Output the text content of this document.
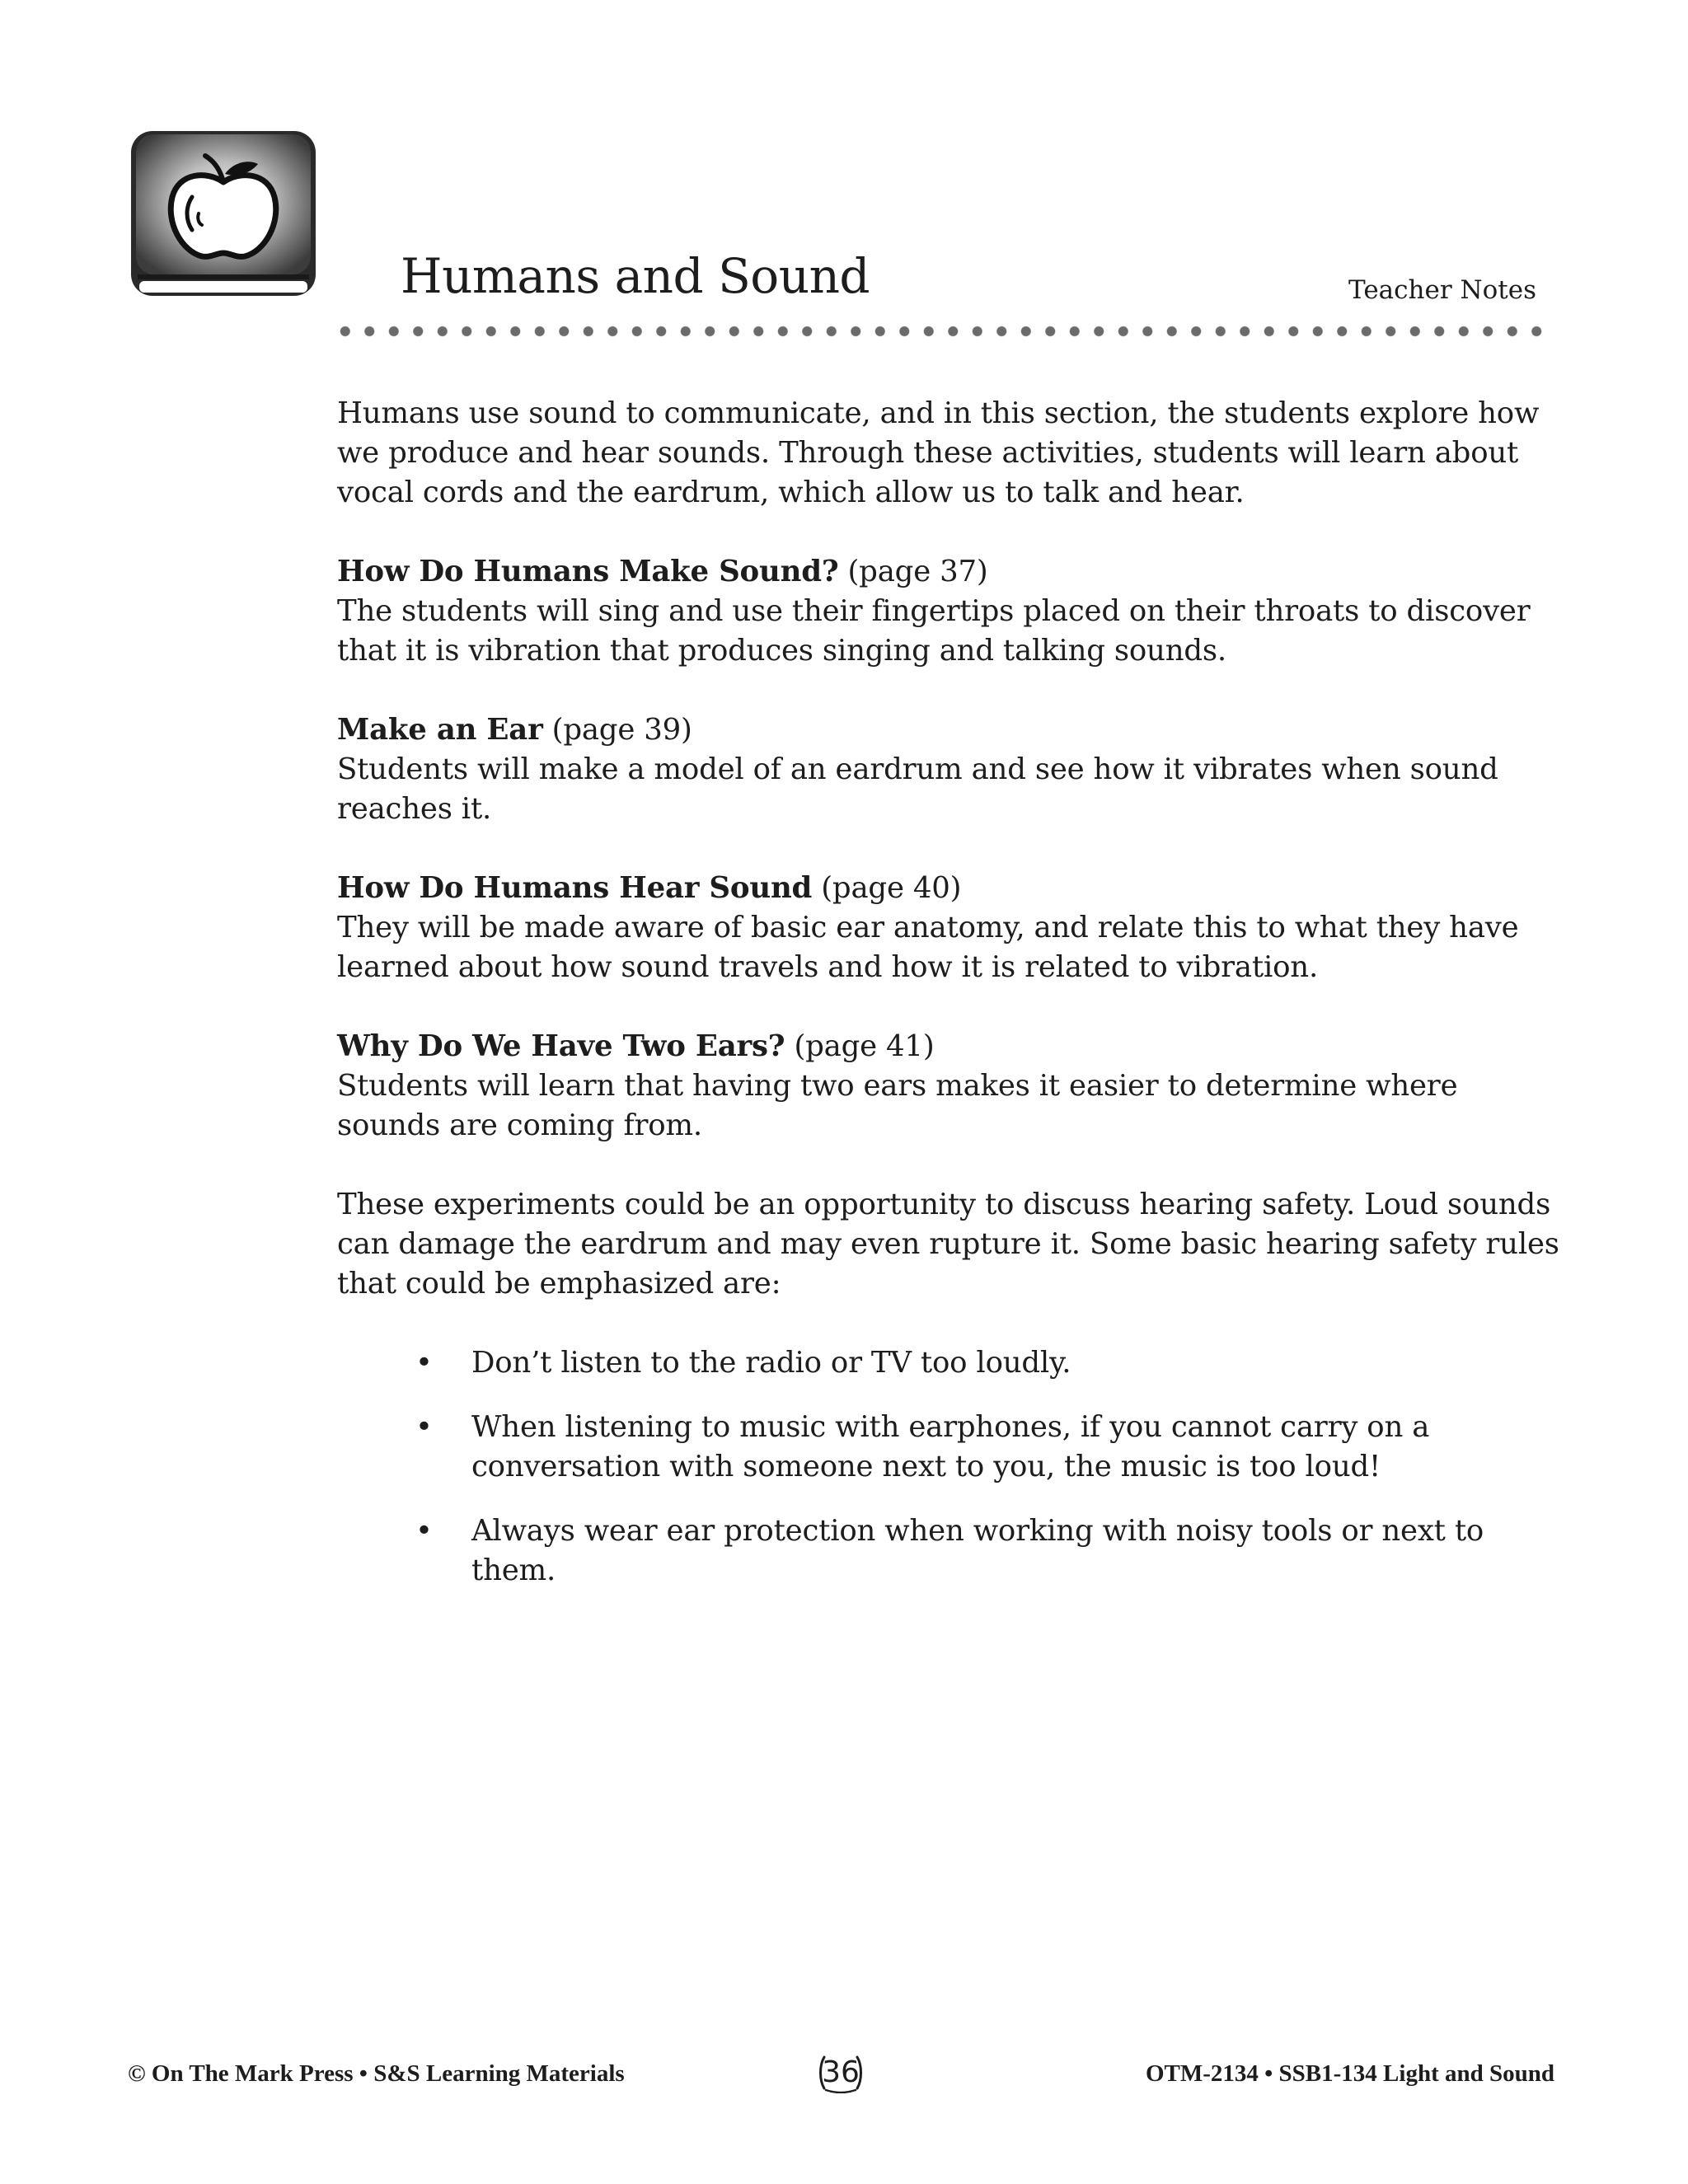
Humans and Sound	Teacher Notes

Humans use sound to communicate, and in this section, the students explore how we produce and hear sounds. Through these activities, students will learn about vocal cords and the eardrum, which allow us to talk and hear.

How Do Humans Make Sound? (page 37)
The students will sing and use their fingertips placed on their throats to discover that it is vibration that produces singing and talking sounds.
Make an Ear (page 39)
Students will make a model of an eardrum and see how it vibrates when sound reaches it.
How Do Humans Hear Sound (page 40)
They will be made aware of basic ear anatomy, and relate this to what they have learned about how sound travels and how it is related to vibration.
Why Do We Have Two Ears? (page 41)
Students will learn that having two ears makes it easier to determine where sounds are coming from.

These experiments could be an opportunity to discuss hearing safety. Loud sounds can damage the eardrum and may even rupture it. Some basic hearing safety rules that could be emphasized are:

• Don’t listen to the radio or TV too loudly.
• When listening to music with earphones, if you cannot carry on a conversation with someone next to you, the music is too loud!
• Always wear ear protection when working with noisy tools or next to them.
© On The Mark Press • S&S Learning Materials	36	OTM-2134 • SSB1-134 Light and Sound
